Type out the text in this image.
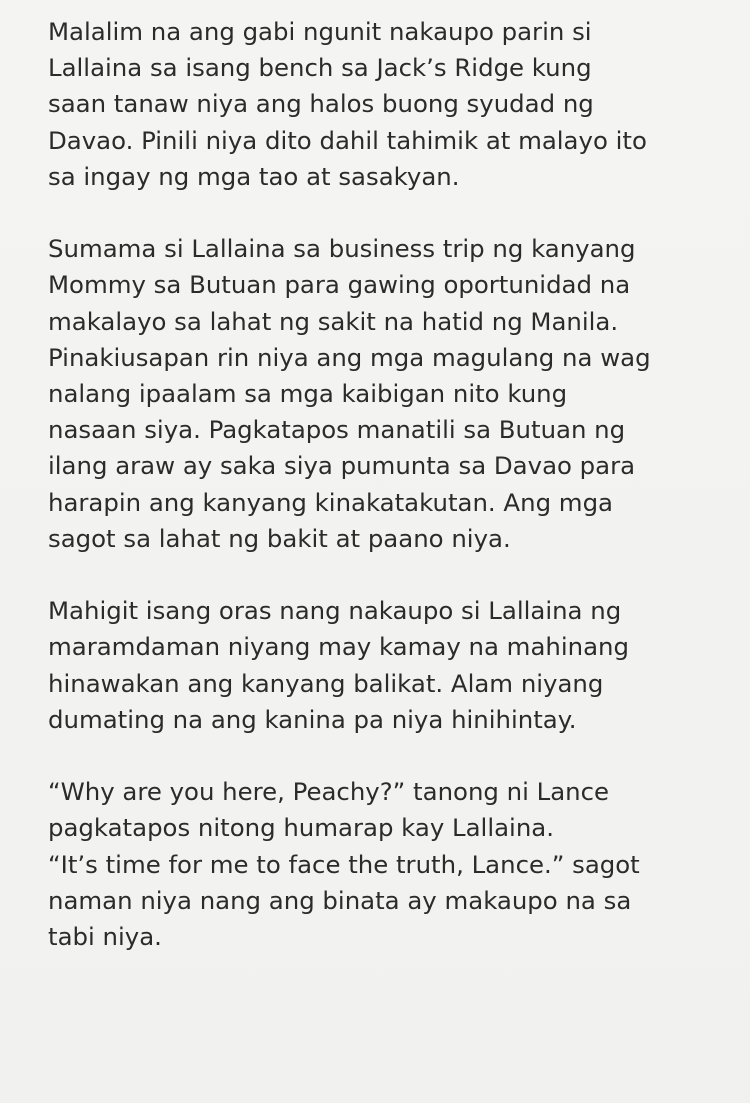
Malalim na ang gabi ngunit nakaupo parin si
Lallaina sa isang bench sa Jack’s Ridge kung
saan tanaw niya ang halos buong syudad ng
Davao. Pinili niya dito dahil tahimik at malayo ito
sa ingay ng mga tao at sasakyan.
Sumama si Lallaina sa business trip ng kanyang
Mommy sa Butuan para gawing oportunidad na
makalayo sa lahat ng sakit na hatid ng Manila.
Pinakiusapan rin niya ang mga magulang na wag
nalang ipaalam sa mga kaibigan nito kung
nasaan siya. Pagkatapos manatili sa Butuan ng
ilang araw ay saka siya pumunta sa Davao para
harapin ang kanyang kinakatakutan. Ang mga
sagot sa lahat ng bakit at paano niya.
Mahigit isang oras nang nakaupo si Lallaina ng
maramdaman niyang may kamay na mahinang
hinawakan ang kanyang balikat. Alam niyang
dumating na ang kanina pa niya hinihintay.
“Why are you here, Peachy?” tanong ni Lance
pagkatapos nitong humarap kay Lallaina.
“It’s time for me to face the truth, Lance.” sagot
naman niya nang ang binata ay makaupo na sa
tabi niya.
